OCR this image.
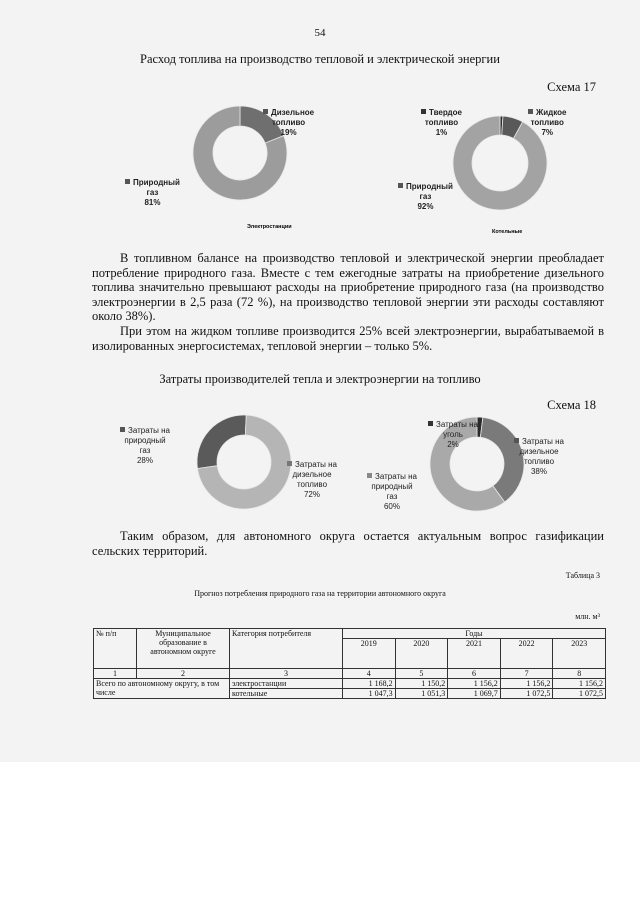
54
Расход топлива на производство тепловой и электрической энергии
Схема 17
Электростанции
Котельные
Дизельное
топливо
19%
Природный
газ
81%
Твердое
топливо
1%
Жидкое
топливо
7%
Природный
газ
92%

В топливном балансе на производство тепловой и электрической энергии преобладает потребление природного газа. Вместе с тем ежегодные затраты на приобретение дизельного топлива значительно превышают расходы на приобретение природного газа (на производство электроэнергии в 2,5 раза (72 %), на производство тепловой энергии эти расходы составляют около 38%).

При этом на жидком топливе производится 25% всей электроэнергии, вырабатываемой в изолированных энергосистемах, тепловой энергии – только 5%.

Затраты производителей тепла и электроэнергии на топливо
Схема 18
Затраты на
природный
газ
28%	Затраты на
дизельное
топливо
72%
Затраты на
уголь
2%	Затраты на
дизельное
топливо
38%
Затраты на
природный
газ
60%

Таким образом, для автономного округа остается актуальным вопрос газификации сельских территорий.

Таблица 3
Прогноз потребления природного газа на территории автономного округа
млн. м³
№ п/п	Муниципальное образование в автономном округе	Категория потребителя	Годы				
			2019	2020	2021	2022	2023
1	2	3	4	5	6	7	8
Всего по автономному округу, в том числе		электростанции	1 168,2	1 150,2	1 156,2	1 156,2	1 156,2
		котельные	1 047,3	1 051,3	1 069,7	1 072,5	1 072,5
